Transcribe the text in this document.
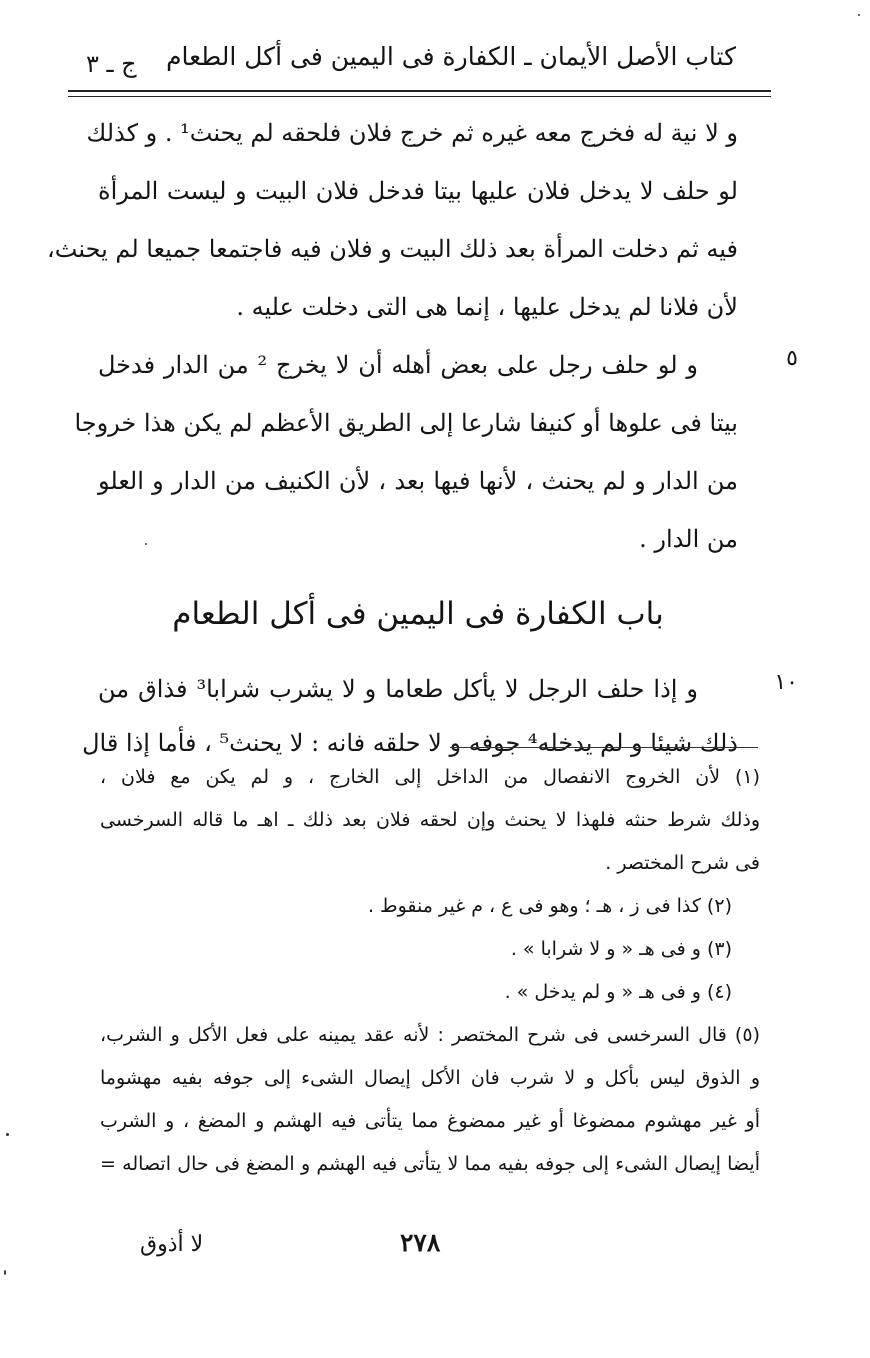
كتاب الأصل الأيمان ـ الكفارة فى اليمين فى أكل الطعام
ج ـ ٣
و لا نية له فخرج معه غيره ثم خرج فلان فلحقه لم يحنث¹ . و كذلك
لو حلف لا يدخل فلان عليها بيتا فدخل فلان البيت و ليست المرأة
فيه ثم دخلت المرأة بعد ذلك البيت و فلان فيه فاجتمعا جميعا لم يحنث،
لأن فلانا لم يدخل عليها ، إنما هى التى دخلت عليه .
٥
و لو حلف رجل على بعض أهله أن لا يخرج ² من الدار فدخل
بيتا فى علوها أو كنيفا شارعا إلى الطريق الأعظم لم يكن هذا خروجا
من الدار و لم يحنث ، لأنها فيها بعد ، لأن الكنيف من الدار و العلو
من الدار .
باب الكفارة فى اليمين فى أكل الطعام
١٠
و إذا حلف الرجل لا يأكل طعاما و لا يشرب شرابا³ فذاق من
ذلك شيئا و لم يدخله⁴ جوفه و لا حلقه فانه : لا يحنث⁵ ، فأما إذا قال
(١) لأن الخروج الانفصال من الداخل إلى الخارج ، و لم يكن مع فلان ،
وذلك شرط حنثه فلهذا لا يحنث وإن لحقه فلان بعد ذلك ـ اهـ ما قاله السرخسى
فى شرح المختصر .
(٢) كذا فى ز ، هـ ؛ وهو فى ع ، م غير منقوط .
(٣) و فى هـ « و لا شرابا » .
(٤) و فى هـ « و لم يدخل » .
(٥) قال السرخسى فى شرح المختصر : لأنه عقد يمينه على فعل الأكل و الشرب،
و الذوق ليس بأكل و لا شرب فان الأكل إيصال الشىء إلى جوفه بفيه مهشوما
أو غير مهشوم ممضوغا أو غير ممضوغ مما يتأتى فيه الهشم و المضغ ، و الشرب
أيضا إيصال الشىء إلى جوفه بفيه مما لا يتأتى فيه الهشم و المضغ فى حال اتصاله =
٢٧٨
لا أذوق
